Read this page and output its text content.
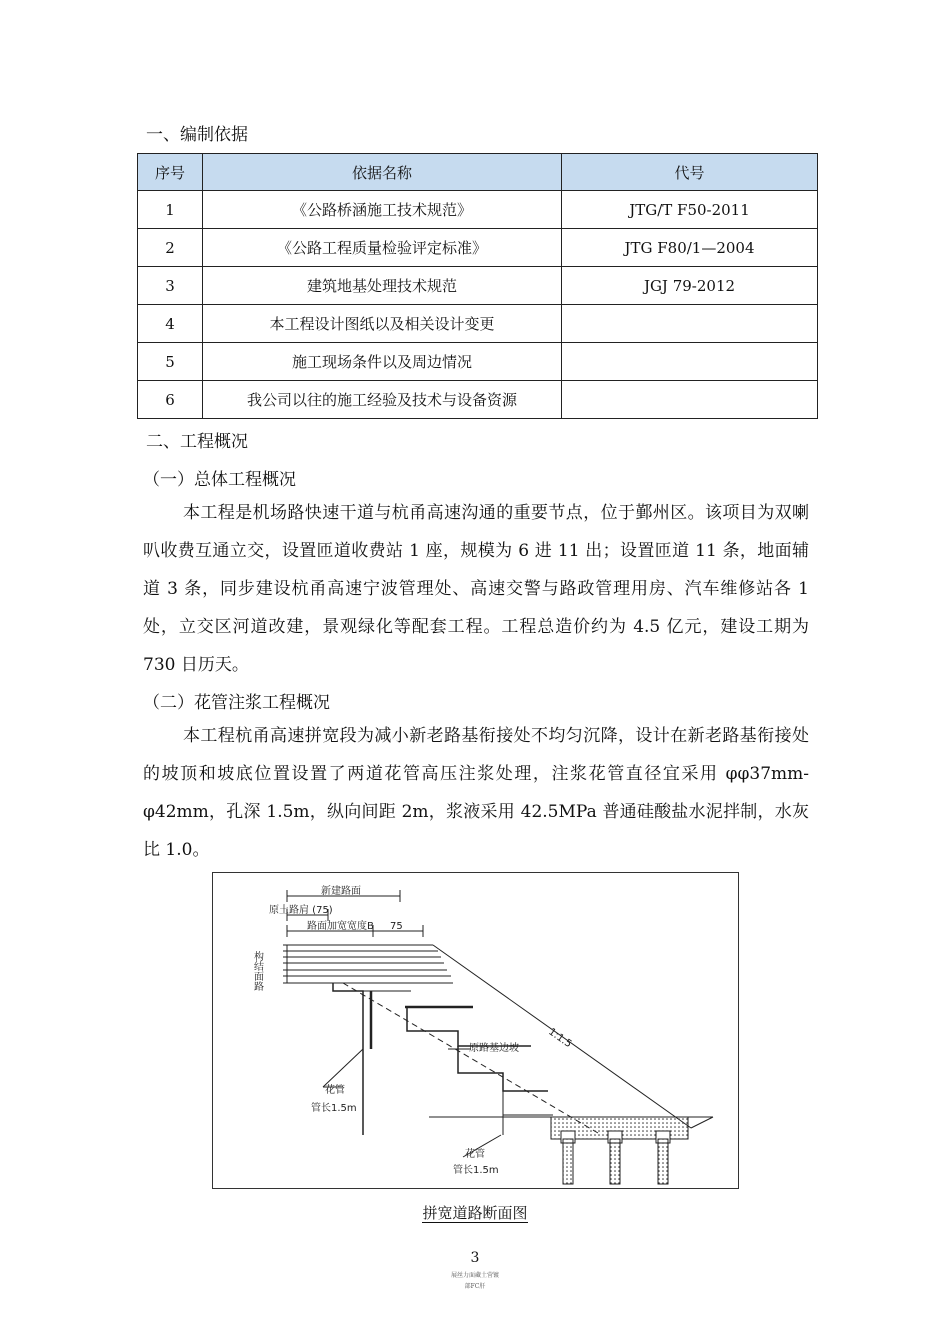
一、编制依据
序号	依据名称	代号
1	《公路桥涵施工技术规范》	JTG/T F50-2011
2	《公路工程质量检验评定标准》	JTG F80/1—2004
3	建筑地基处理技术规范	JGJ 79-2012
4	本工程设计图纸以及相关设计变更	
5	施工现场条件以及周边情况	
6	我公司以往的施工经验及技术与设备资源	
二、工程概况
（一）总体工程概况
本工程是机场路快速干道与杭甬高速沟通的重要节点，位于鄞州区。该项目为双喇叭收费互通立交，设置匝道收费站 1 座，规模为 6 进 11 出；设置匝道 11 条，地面辅道 3 条，同步建设杭甬高速宁波管理处、高速交警与路政管理用房、汽车维修站各 1 处，立交区河道改建，景观绿化等配套工程。工程总造价约为 4.5 亿元，建设工期为 730 日历天。
（二）花管注浆工程概况
本工程杭甬高速拼宽段为减小新老路基衔接处不均匀沉降，设计在新老路基衔接处的坡顶和坡底位置设置了两道花管高压注浆处理，注浆花管直径宜采用 φφ37mm-φ42mm，孔深 1.5m，纵向间距 2m，浆液采用 42.5MPa 普通硅酸盐水泥拌制，水灰比 1.0。
新建路面
原土路肩 (75)
路面加宽宽度B 75
原路基边坡	1:1.5
花管
管长1.5m
花管
管长1.5m
构结面路
拼宽道路断面图
3
展丝力面藏土营镀
部FC肝
